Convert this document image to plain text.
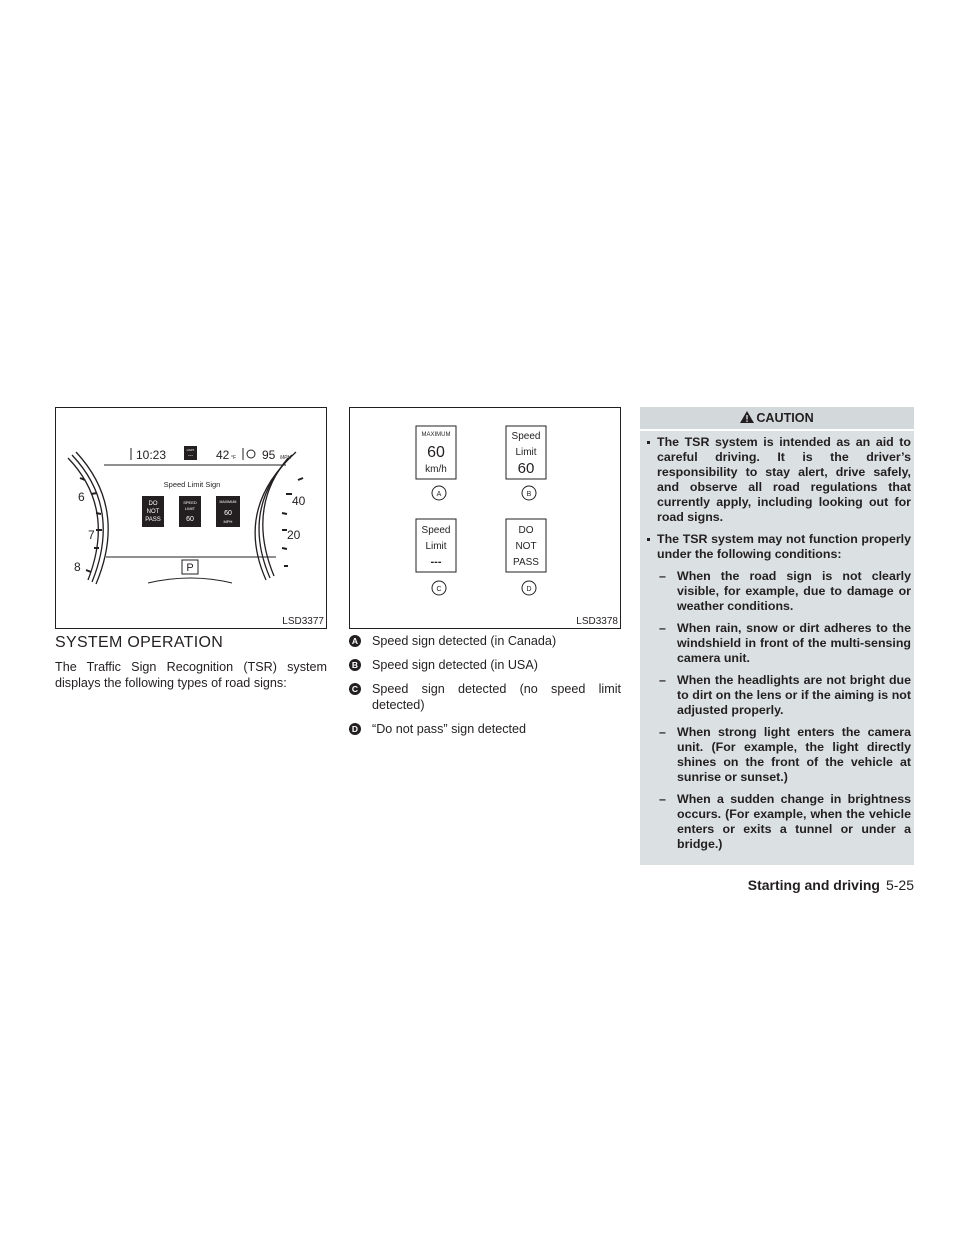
6
7
8
40
20
10:23	LIMIT
--- 42 °F 95 MPH
Speed Limit Sign
DO
NOT
PASS
SPEED
LIMIT
60
MAXIMUM
60
MPH
P
LSD3377
MAXIMUM
60
km/h
A
Speed
Limit
60
B
Speed
Limit
---
C
DO
NOT
PASS
D
LSD3378
SYSTEM OPERATION
The Traffic Sign Recognition (TSR) system displays the following types of road signs:
A Speed sign detected (in Canada)
B Speed sign detected (in USA)
C Speed sign detected (no speed limit detected)
D “Do not pass” sign detected
CAUTION
The TSR system is intended as an aid to careful driving. It is the driver’s responsibility to stay alert, drive safely, and observe all road regulations that currently apply, including looking out for road signs.
The TSR system may not function properly under the following conditions:
– When the road sign is not clearly visible, for example, due to damage or weather conditions.
– When rain, snow or dirt adheres to the windshield in front of the multi-sensing camera unit.
– When the headlights are not bright due to dirt on the lens or if the aiming is not adjusted properly.
– When strong light enters the camera unit. (For example, the light directly shines on the front of the vehicle at sunrise or sunset.)
– When a sudden change in brightness occurs. (For example, when the vehicle enters or exits a tunnel or under a bridge.)
Starting and driving 5-25
